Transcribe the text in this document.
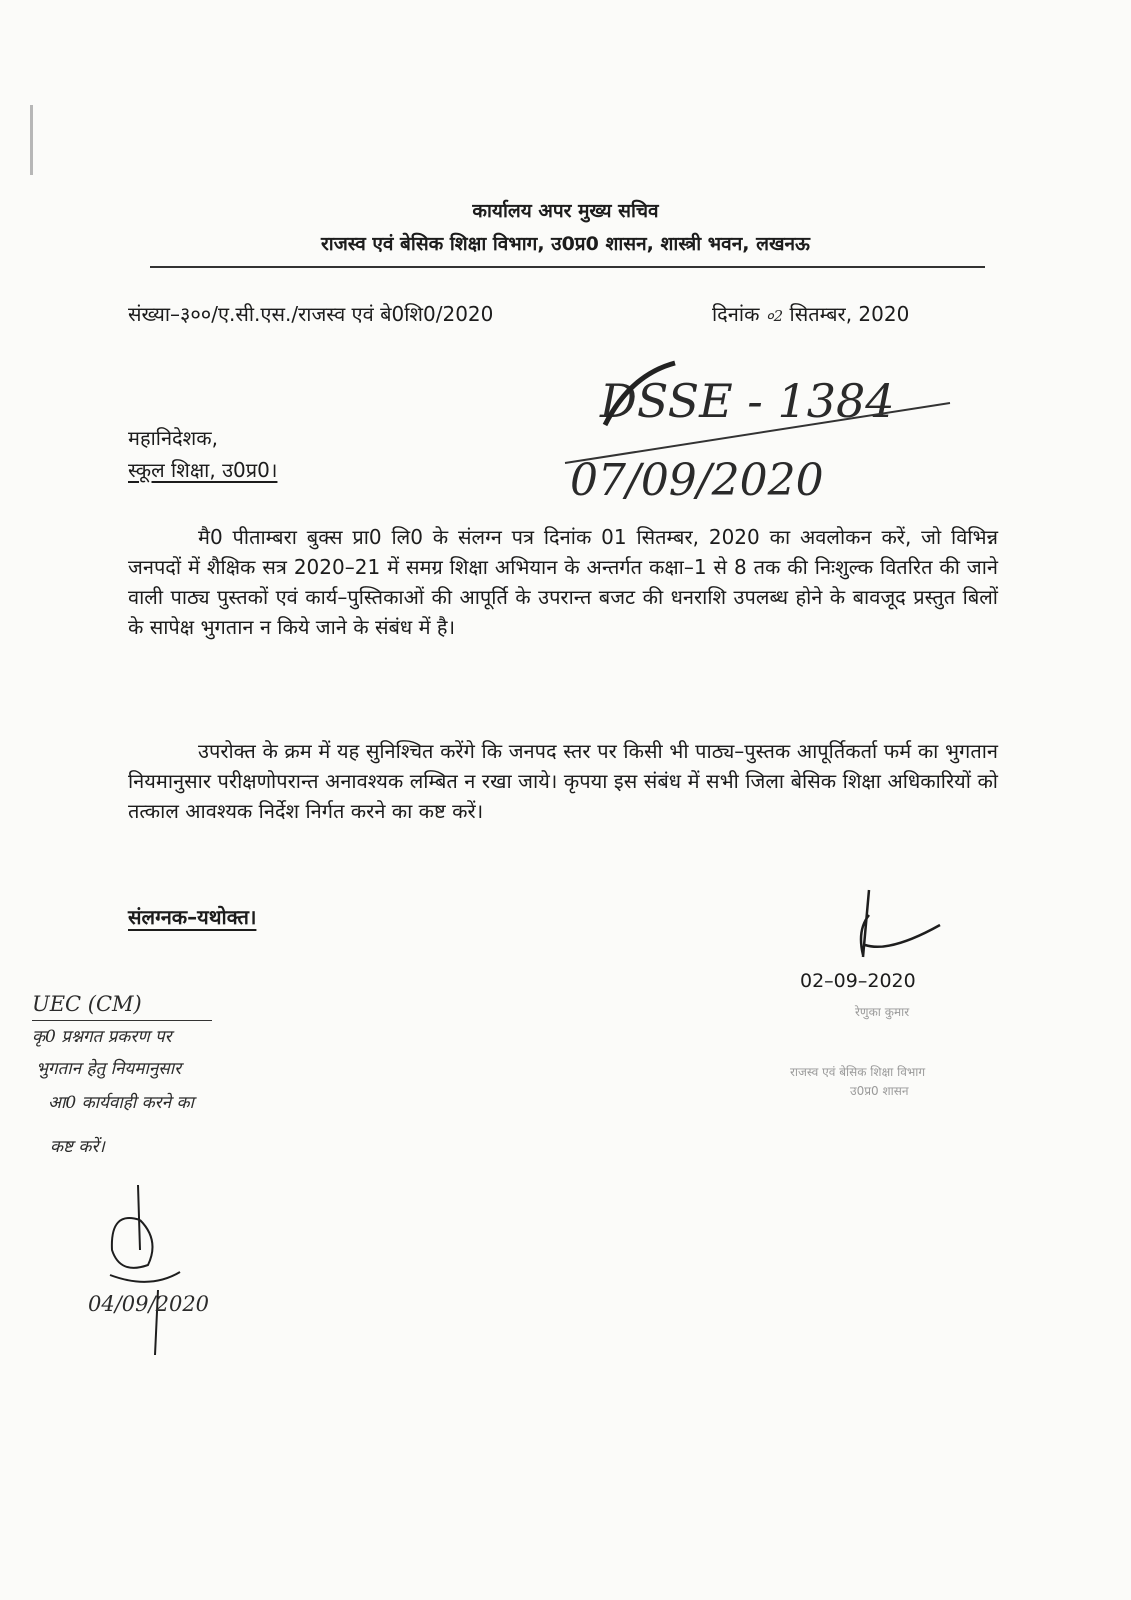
कार्यालय अपर मुख्य सचिव
राजस्व एवं बेसिक शिक्षा विभाग, उ0प्र0 शासन, शास्त्री भवन, लखनऊ
संख्या–३००/ए.सी.एस./राजस्व एवं बे0शि0/2020	दिनांक ०2 सितम्बर, 2020
DSSE - 1384
07/09/2020
महानिदेशक,
स्कूल शिक्षा, उ0प्र0।
मै0 पीताम्बरा बुक्स प्रा0 लि0 के संलग्न पत्र दिनांक 01 सितम्बर, 2020 का अवलोकन करें, जो विभिन्न जनपदों में शैक्षिक सत्र 2020–21 में समग्र शिक्षा अभियान के अन्तर्गत कक्षा–1 से 8 तक की निःशुल्क वितरित की जाने वाली पाठ्य पुस्तकों एवं कार्य–पुस्तिकाओं की आपूर्ति के उपरान्त बजट की धनराशि उपलब्ध होने के बावजूद प्रस्तुत बिलों के सापेक्ष भुगतान न किये जाने के संबंध में है।
उपरोक्त के क्रम में यह सुनिश्चित करेंगे कि जनपद स्तर पर किसी भी पाठ्य–पुस्तक आपूर्तिकर्ता फर्म का भुगतान नियमानुसार परीक्षणोपरान्त अनावश्यक लम्बित न रखा जाये। कृपया इस संबंध में सभी जिला बेसिक शिक्षा अधिकारियों को तत्काल आवश्यक निर्देश निर्गत करने का कष्ट करें।
संलग्नक–यथोक्त।
02–09–2020
रेणुका कुमार
राजस्व एवं बेसिक शिक्षा विभाग
उ0प्र0 शासन
UEC (CM)
कृ0 प्रश्नगत प्रकरण पर
भुगतान हेतु नियमानुसार
आ0 कार्यवाही करने का
कष्ट करें।
04/09/2020
